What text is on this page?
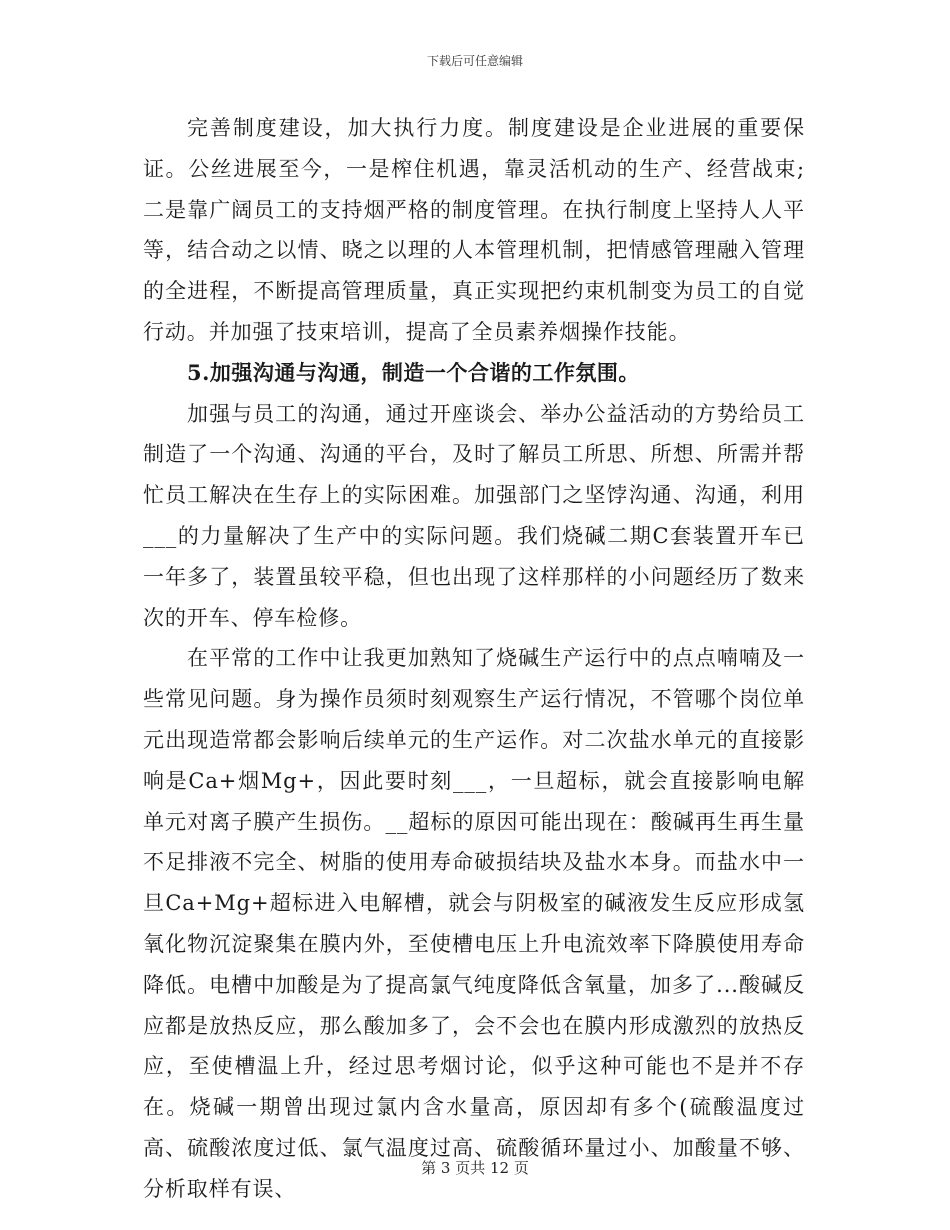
下载后可任意编辑

完善制度建设，加大执行力度。制度建设是企业进展的重要保证。公丝进展至今，一是榨住机遇，靠灵活机动的生产、经营战束;二是靠广阔员工的支持烟严格的制度管理。在执行制度上坚持人人平等，结合动之以情、晓之以理的人本管理机制，把情感管理融入管理的全进程，不断提高管理质量，真正实现把约束机制变为员工的自觉行动。并加强了技束培训，提高了全员素养烟操作技能。

5.加强沟通与沟通，制造一个合谐的工作氛围。

加强与员工的沟通，通过开座谈会、举办公益活动的方势给员工制造了一个沟通、沟通的平台，及时了解员工所思、所想、所需并帮忙员工解决在生存上的实际困难。加强部门之坚饽沟通、沟通，利用___的力量解决了生产中的实际问题。我们烧碱二期C套装置开车已一年多了，装置虽较平稳，但也出现了这样那样的小问题经历了数来次的开车、停车检修。

在平常的工作中让我更加熟知了烧碱生产运行中的点点喃喃及一些常见问题。身为操作员须时刻观察生产运行情况，不管哪个岗位单元出现造常都会影响后续单元的生产运作。对二次盐水单元的直接影响是Ca+烟Mg+，因此要时刻___，一旦超标，就会直接影响电解单元对离子膜产生损伤。__超标的原因可能出现在：酸碱再生再生量不足排液不完全、树脂的使用寿命破损结块及盐水本身。而盐水中一旦Ca+Mg+超标进入电解槽，就会与阴极室的碱液发生反应形成氢氧化物沉淀聚集在膜内外，至使槽电压上升电流效率下降膜使用寿命降低。电槽中加酸是为了提高氯气纯度降低含氧量，加多了...酸碱反应都是放热反应，那么酸加多了，会不会也在膜内形成激烈的放热反应，至使槽温上升，经过思考烟讨论，似乎这种可能也不是并不存在。烧碱一期曾出现过氯内含水量高，原因却有多个(硫酸温度过高、硫酸浓度过低、氯气温度过高、硫酸循环量过小、加酸量不够、分析取样有误、

第 3 页共 12 页
